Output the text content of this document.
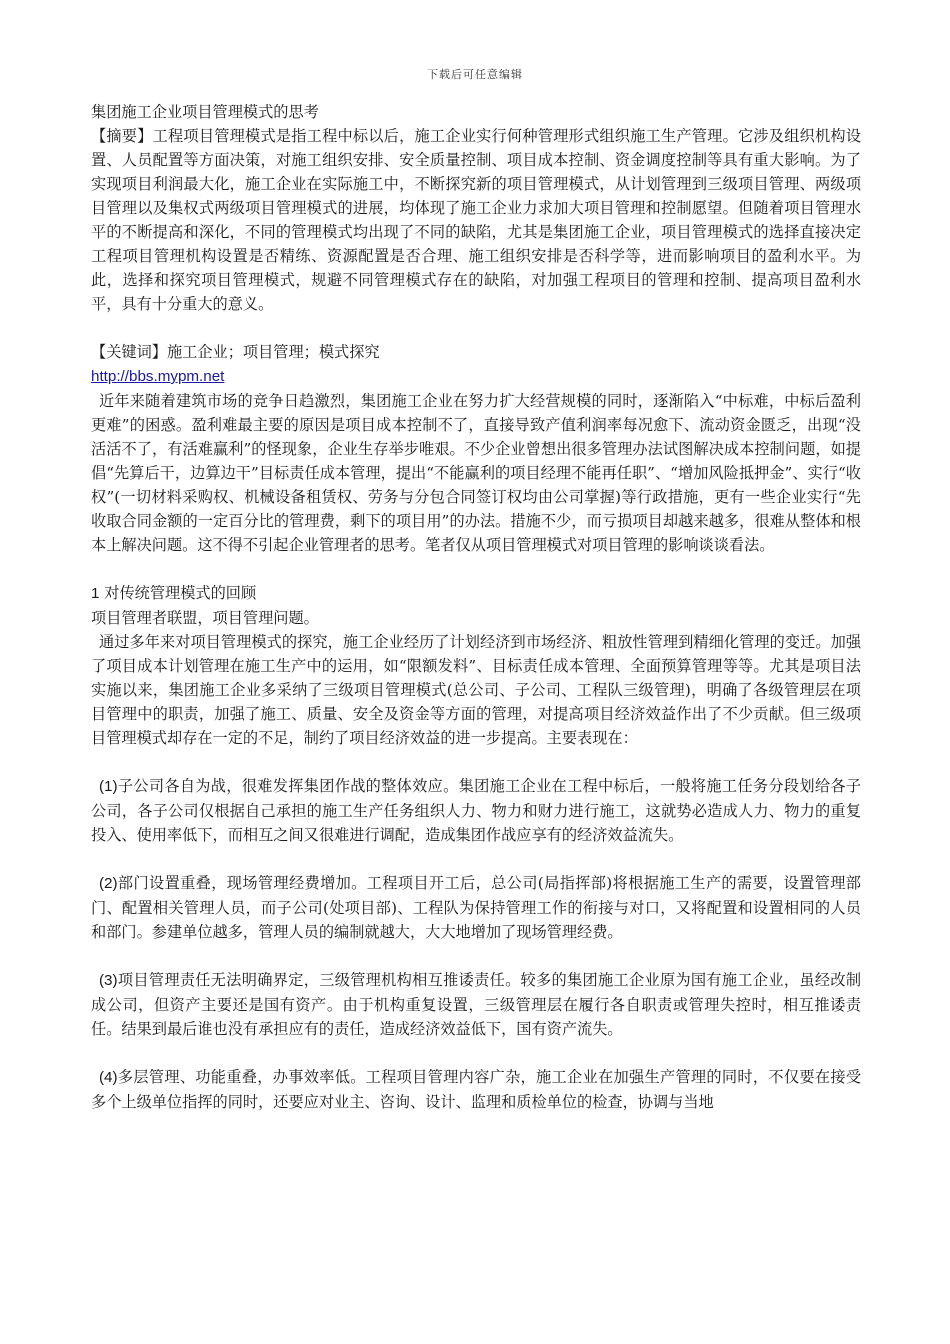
下载后可任意编辑

集团施工企业项目管理模式的思考

【摘要】工程项目管理模式是指工程中标以后，施工企业实行何种管理形式组织施工生产管理。它涉及组织机构设置、人员配置等方面决策，对施工组织安排、安全质量控制、项目成本控制、资金调度控制等具有重大影响。为了实现项目利润最大化，施工企业在实际施工中，不断探究新的项目管理模式，从计划管理到三级项目管理、两级项目管理以及集权式两级项目管理模式的进展，均体现了施工企业力求加大项目管理和控制愿望。但随着项目管理水平的不断提高和深化，不同的管理模式均出现了不同的缺陷，尤其是集团施工企业，项目管理模式的选择直接决定工程项目管理机构设置是否精练、资源配置是否合理、施工组织安排是否科学等，进而影响项目的盈利水平。为此，选择和探究项目管理模式，规避不同管理模式存在的缺陷，对加强工程项目的管理和控制、提高项目盈利水平，具有十分重大的意义。

【关键词】施工企业；项目管理；模式探究

http://bbs.mypm.net

近年来随着建筑市场的竞争日趋激烈，集团施工企业在努力扩大经营规模的同时，逐渐陷入“中标难，中标后盈利更难”的困惑。盈利难最主要的原因是项目成本控制不了，直接导致产值利润率每况愈下、流动资金匮乏，出现“没活活不了，有活难赢利”的怪现象，企业生存举步唯艰。不少企业曾想出很多管理办法试图解决成本控制问题，如提倡“先算后干，边算边干”目标责任成本管理，提出“不能赢利的项目经理不能再任职”、“增加风险抵押金”、实行“收权”(一切材料采购权、机械设备租赁权、劳务与分包合同签订权均由公司掌握)等行政措施，更有一些企业实行“先收取合同金额的一定百分比的管理费，剩下的项目用”的办法。措施不少，而亏损项目却越来越多，很难从整体和根本上解决问题。这不得不引起企业管理者的思考。笔者仅从项目管理模式对项目管理的影响谈谈看法。

1 对传统管理模式的回顾

项目管理者联盟，项目管理问题。

通过多年来对项目管理模式的探究，施工企业经历了计划经济到市场经济、粗放性管理到精细化管理的变迁。加强了项目成本计划管理在施工生产中的运用，如“限额发料”、目标责任成本管理、全面预算管理等等。尤其是项目法实施以来，集团施工企业多采纳了三级项目管理模式(总公司、子公司、工程队三级管理)，明确了各级管理层在项目管理中的职责，加强了施工、质量、安全及资金等方面的管理，对提高项目经济效益作出了不少贡献。但三级项目管理模式却存在一定的不足，制约了项目经济效益的进一步提高。主要表现在：

(1)子公司各自为战，很难发挥集团作战的整体效应。集团施工企业在工程中标后，一般将施工任务分段划给各子公司，各子公司仅根据自己承担的施工生产任务组织人力、物力和财力进行施工，这就势必造成人力、物力的重复投入、使用率低下，而相互之间又很难进行调配，造成集团作战应享有的经济效益流失。

(2)部门设置重叠，现场管理经费增加。工程项目开工后，总公司(局指挥部)将根据施工生产的需要，设置管理部门、配置相关管理人员，而子公司(处项目部)、工程队为保持管理工作的衔接与对口，又将配置和设置相同的人员和部门。参建单位越多，管理人员的编制就越大，大大地增加了现场管理经费。

(3)项目管理责任无法明确界定，三级管理机构相互推诿责任。较多的集团施工企业原为国有施工企业，虽经改制成公司，但资产主要还是国有资产。由于机构重复设置，三级管理层在履行各自职责或管理失控时，相互推诿责任。结果到最后谁也没有承担应有的责任，造成经济效益低下，国有资产流失。

(4)多层管理、功能重叠，办事效率低。工程项目管理内容广杂，施工企业在加强生产管理的同时，不仅要在接受多个上级单位指挥的同时，还要应对业主、咨询、设计、监理和质检单位的检查，协调与当地
